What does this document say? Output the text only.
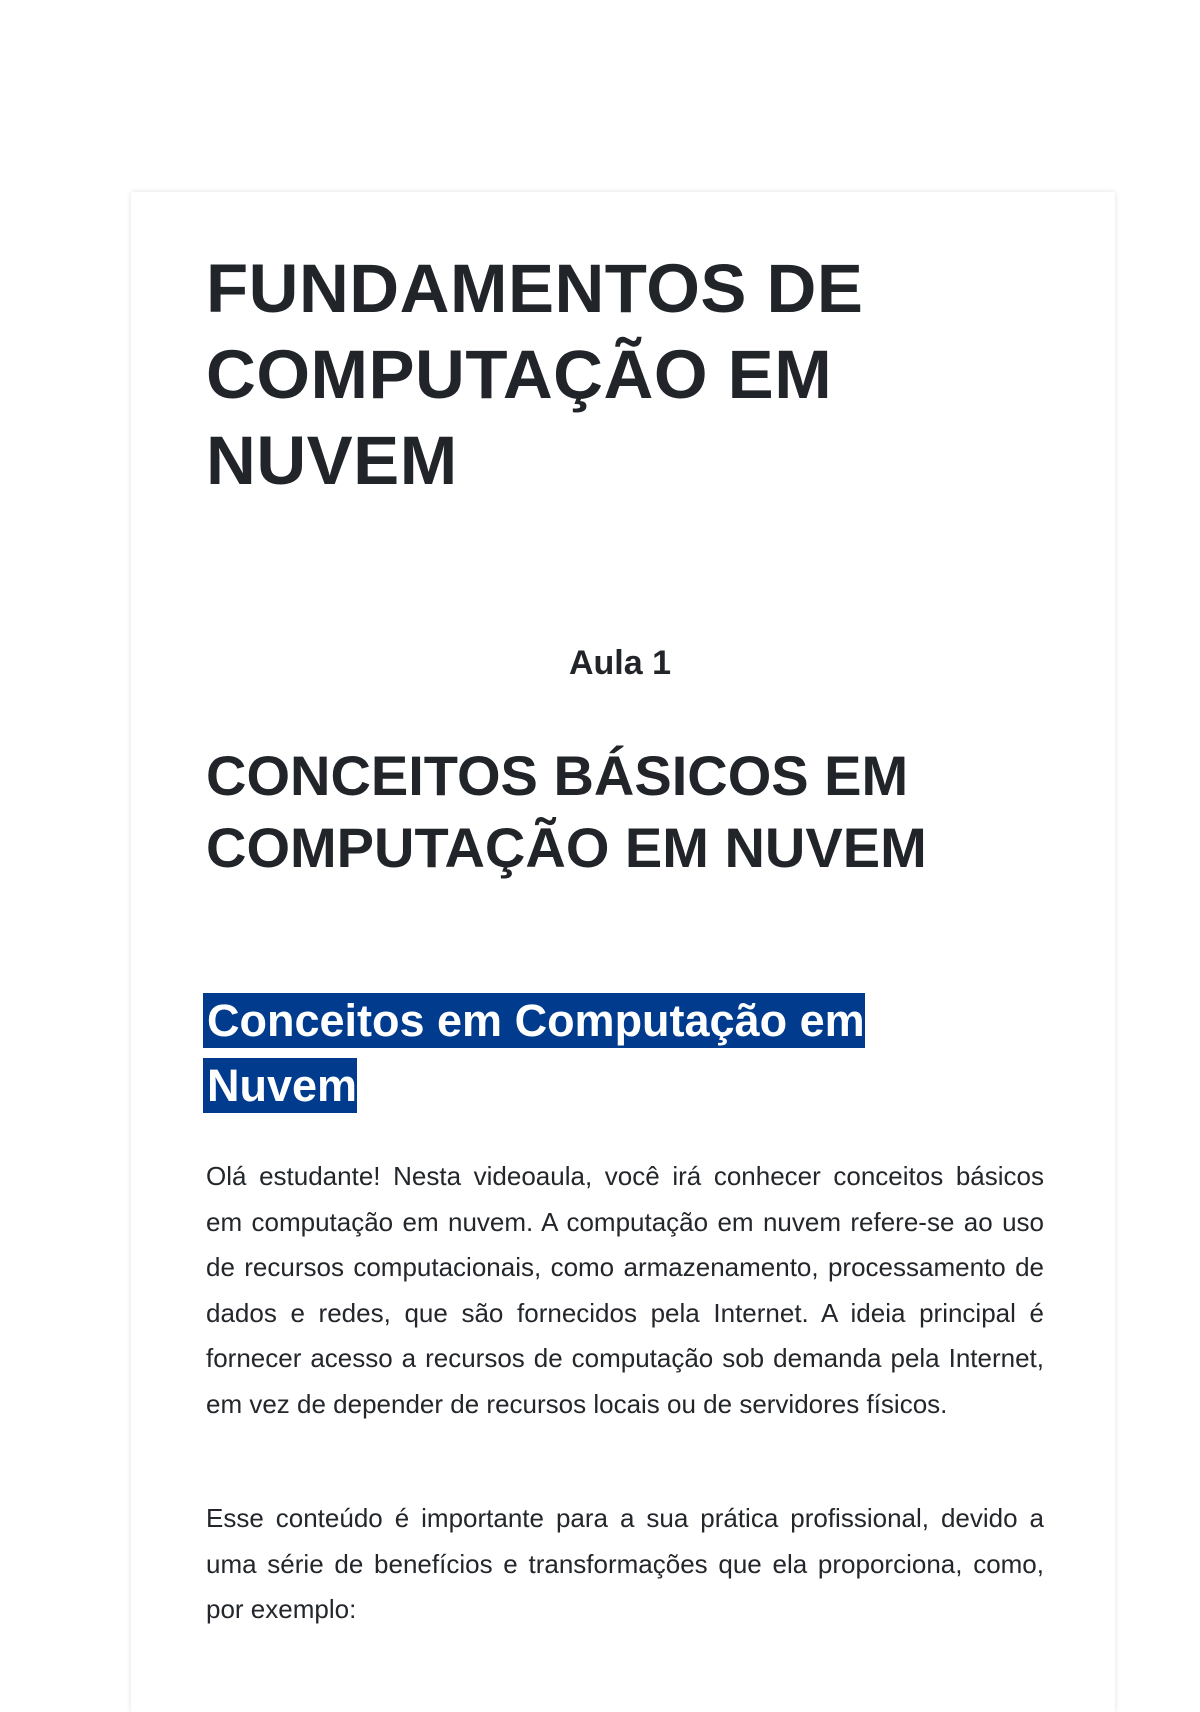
FUNDAMENTOS DE COMPUTAÇÃO EM NUVEM
Aula 1
CONCEITOS BÁSICOS EM COMPUTAÇÃO EM NUVEM
Conceitos em Computação em Nuvem

Olá estudante! Nesta videoaula, você irá conhecer conceitos básicos em computação em nuvem. A computação em nuvem refere-se ao uso de recursos computacionais, como armazenamento, processamento de dados e redes, que são fornecidos pela Internet. A ideia principal é fornecer acesso a recursos de computação sob demanda pela Internet, em vez de depender de recursos locais ou de servidores físicos.

Esse conteúdo é importante para a sua prática profissional, devido a uma série de benefícios e transformações que ela proporciona, como, por exemplo:
